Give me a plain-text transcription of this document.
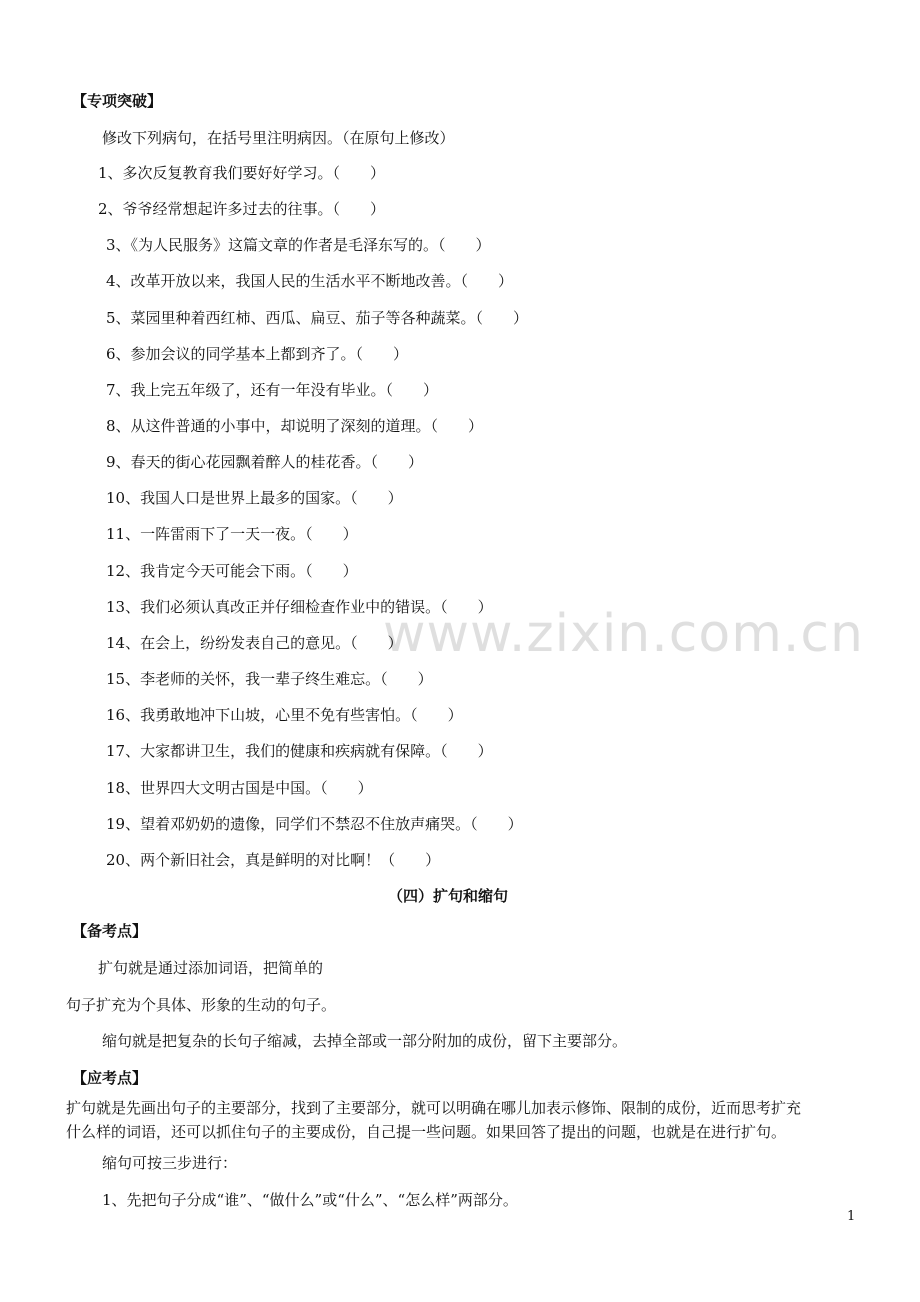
www.zixin.com.cn
【专项突破】
修改下列病句，在括号里注明病因。（在原句上修改）
1、多次反复教育我们要好好学习。（　　）
2、爷爷经常想起许多过去的往事。（　　）
3、《为人民服务》这篇文章的作者是毛泽东写的。（　　）
4、改革开放以来，我国人民的生活水平不断地改善。（　　）
5、菜园里种着西红柿、西瓜、扁豆、茄子等各种蔬菜。（　　）
6、参加会议的同学基本上都到齐了。（　　）
7、我上完五年级了，还有一年没有毕业。（　　）
8、从这件普通的小事中，却说明了深刻的道理。（　　）
9、春天的街心花园飘着醉人的桂花香。（　　）
10、我国人口是世界上最多的国家。（　　）
11、一阵雷雨下了一天一夜。（　　）
12、我肯定今天可能会下雨。（　　）
13、我们必须认真改正并仔细检查作业中的错误。（　　）
14、在会上，纷纷发表自己的意见。（　　）
15、李老师的关怀，我一辈子终生难忘。（　　）
16、我勇敢地冲下山坡，心里不免有些害怕。（　　）
17、大家都讲卫生，我们的健康和疾病就有保障。（　　）
18、世界四大文明古国是中国。（　　）
19、望着邓奶奶的遗像，同学们不禁忍不住放声痛哭。（　　）
20、两个新旧社会，真是鲜明的对比啊！（　　）
（四）扩句和缩句
【备考点】
扩句就是通过添加词语，把简单的
句子扩充为个具体、形象的生动的句子。
缩句就是把复杂的长句子缩减，去掉全部或一部分附加的成份，留下主要部分。
【应考点】
扩句就是先画出句子的主要部分，找到了主要部分，就可以明确在哪儿加表示修饰、限制的成份，近而思考扩充
什么样的词语，还可以抓住句子的主要成份，自己提一些问题。如果回答了提出的问题，也就是在进行扩句。
缩句可按三步进行：
1、先把句子分成“谁”、“做什么”或“什么”、“怎么样”两部分。
1
